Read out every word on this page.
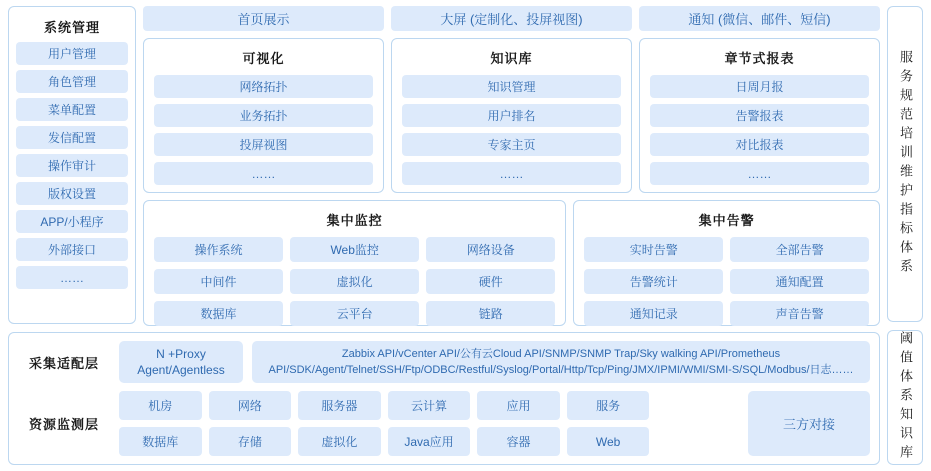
系统管理
用户管理
角色管理
菜单配置
发信配置
操作审计
版权设置
APP/小程序
外部接口
……
首页展示	大屏 (定制化、投屏视图)	通知 (微信、邮件、短信)
可视化
网络拓扑
业务拓扑
投屏视图
……
知识库
知识管理
用户排名
专家主页
……
章节式报表
日周月报
告警报表
对比报表
……
集中监控
操作系统	Web监控	网络设备
中间件	虚拟化	硬件
数据库	云平台	链路
集中告警
实时告警	全部告警
告警统计	通知配置
通知记录	声音告警
采集适配层
N +Proxy Agent/Agentless
Zabbix API/vCenter API/公有云Cloud API/SNMP/SNMP Trap/Sky walking API/Prometheus API/SDK/Agent/Telnet/SSH/Ftp/ODBC/Restful/Syslog/Portal/Http/Tcp/Ping/JMX/IPMI/WMI/SMI-S/SQL/Modbus/日志……
资源监测层
机房	网络	服务器	云计算	应用	服务
数据库	存储	虚拟化	Java应用	容器	Web
三方对接
服务规范培训维护指标体系
阈值体系知识库
